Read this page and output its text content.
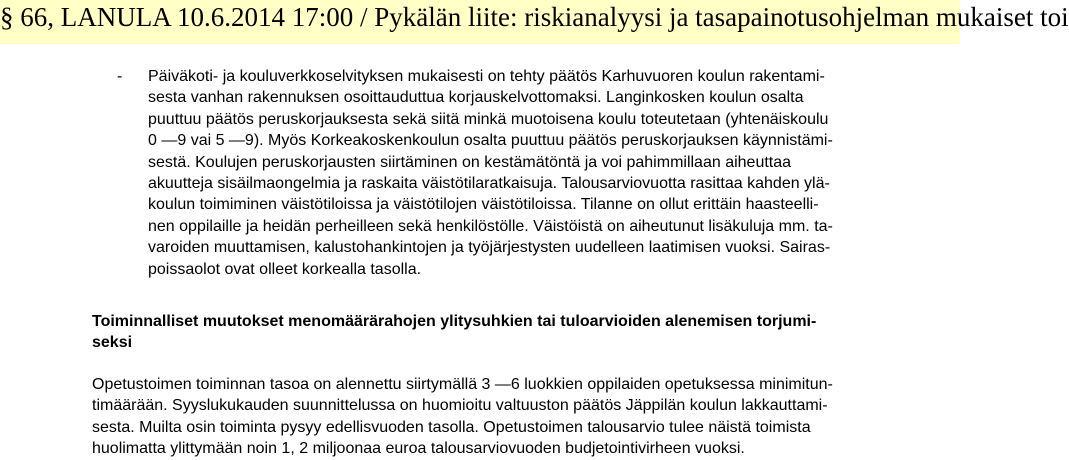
§ 66, LANULA 10.6.2014 17:00 / Pykälän liite: riskianalyysi ja tasapainotusohjelman mukaiset toi
- Päiväkoti- ja kouluverkkoselvityksen mukaisesti on tehty päätös Karhuvuoren koulun rakentami-
sesta vanhan rakennuksen osoittauduttua korjauskelvottomaksi. Langinkosken koulun osalta
puuttuu päätös peruskorjauksesta sekä siitä minkä muotoisena koulu toteutetaan (yhtenäiskoulu
0 —9 vai 5 —9). Myös Korkeakoskenkoulun osalta puuttuu päätös peruskorjauksen käynnistämi-
sestä. Koulujen peruskorjausten siirtäminen on kestämätöntä ja voi pahimmillaan aiheuttaa
akuutteja sisäilmaongelmia ja raskaita väistötilaratkaisuja. Talousarviovuotta rasittaa kahden ylä-
koulun toimiminen väistötiloissa ja väistötilojen väistötiloissa. Tilanne on ollut erittäin haasteelli-
nen oppilaille ja heidän perheilleen sekä henkilöstölle. Väistöistä on aiheutunut lisäkuluja mm. ta-
varoiden muuttamisen, kalustohankintojen ja työjärjestysten uudelleen laatimisen vuoksi. Sairas-
poissaolot ovat olleet korkealla tasolla.

Toiminnalliset muutokset menomäärärahojen ylitysuhkien tai tuloarvioiden alenemisen torjumi-
seksi

Opetustoimen toiminnan tasoa on alennettu siirtymällä 3 —6 luokkien oppilaiden opetuksessa minimitun-
timäärään. Syyslukukauden suunnittelussa on huomioitu valtuuston päätös Jäppilän koulun lakkauttami-
sesta. Muilta osin toiminta pysyy edellisvuoden tasolla. Opetustoimen talousarvio tulee näistä toimista
huolimatta ylittymään noin 1, 2 miljoonaa euroa talousarviovuoden budjetointivirheen vuoksi.
